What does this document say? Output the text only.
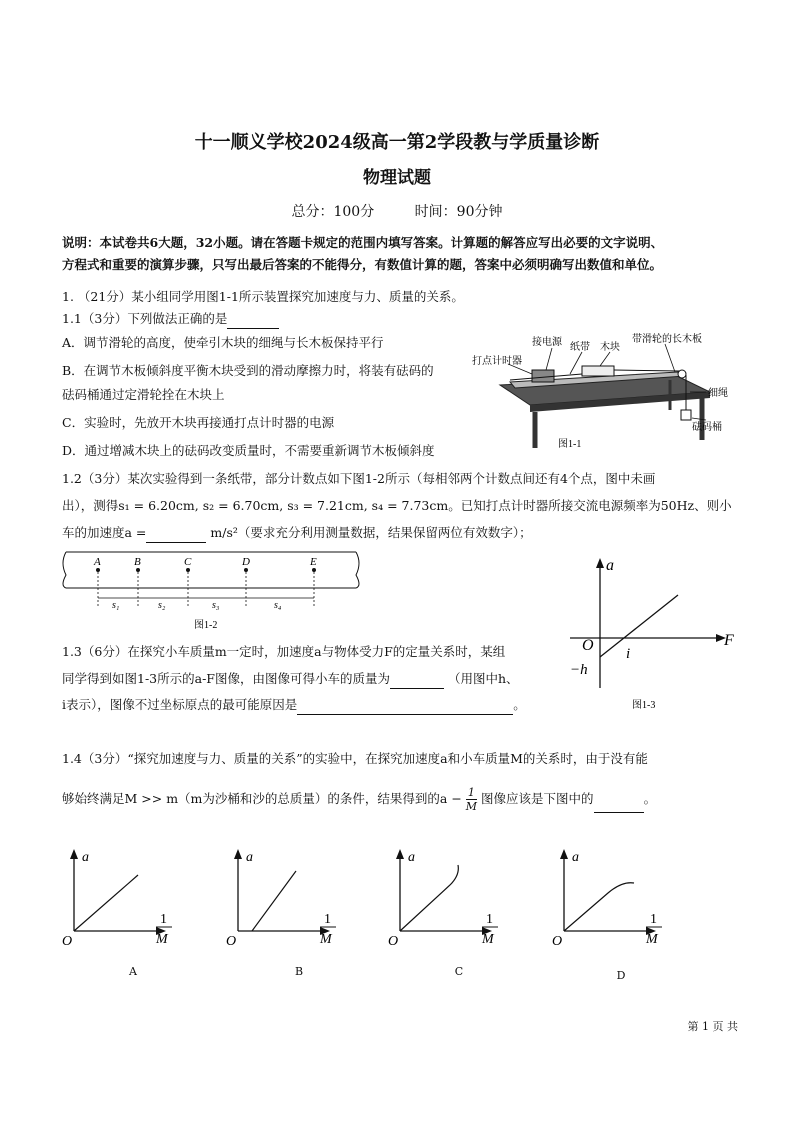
十一顺义学校2024级高一第2学段教与学质量诊断
物理试题
总分：100分	时间：90分钟
说明：本试卷共6大题，32小题。请在答题卡规定的范围内填写答案。计算题的解答应写出必要的文字说明、
方程式和重要的演算步骤，只写出最后答案的不能得分，有数值计算的题，答案中必须明确写出数值和单位。
1. （21分）某小组同学用图1-1所示装置探究加速度与力、质量的关系。
1.1（3分）下列做法正确的是
A．调节滑轮的高度，使牵引木块的细绳与长木板保持平行
B．在调节木板倾斜度平衡木块受到的滑动摩擦力时，将装有砝码的
砝码桶通过定滑轮拴在木块上
C．实验时，先放开木块再接通打点计时器的电源
D．通过增减木块上的砝码改变质量时，不需要重新调节木板倾斜度
接电源 纸带 木块
带滑轮的长木板
打点计时器
细绳
砝码桶
图1-1
1.2（3分）某次实验得到一条纸带，部分计数点如下图1-2所示（每相邻两个计数点间还有4个点，图中未画
出），测得s₁ = 6.20cm, s₂ = 6.70cm, s₃ = 7.21cm, s₄ = 7.73cm。已知打点计时器所接交流电源频率为50Hz、则小
车的加速度a =	m/s²（要求充分利用测量数据，结果保留两位有效数字）；
A	B	C	D	E
s₁	s₂	s₃	s₄
图1-2
a
F
O i
−h
图1-3
1.3（6分）在探究小车质量m一定时，加速度a与物体受力F的定量关系时，某组
同学得到如图1-3所示的a-F图像，由图像可得小车的质量为	（用图中h、
i表示），图像不过坐标原点的最可能原因是	。
1.4（3分）“探究加速度与力、质量的关系”的实验中，在探究加速度a和小车质量M的关系时，由于没有能
够始终满足M >> m（m为沙桶和沙的总质量）的条件，结果得到的$a - \frac{1}{M}$ 图像应该是下图中的	。
a
O
1
M
a
O
1
M
a
O
1
M
a
O
1
M
A	B	C	D
第 1 页 共
